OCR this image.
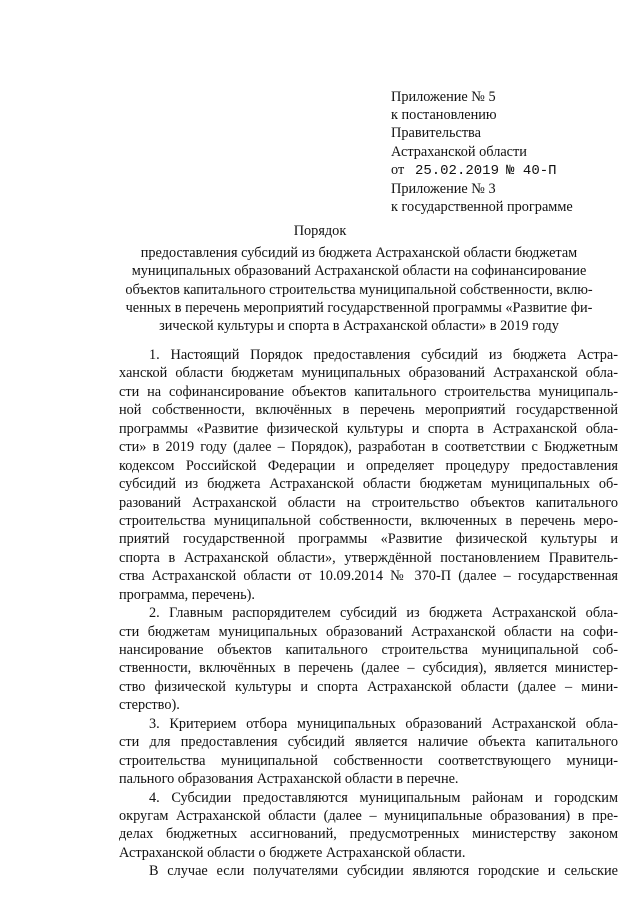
Приложение № 5
к постановлению
Правительства
Астраханской области
от 25.02.2019 № 40-П
Приложение № 3
к государственной программе
Порядок
предоставления субсидий из бюджета Астраханской области бюджетам
муниципальных образований Астраханской области на софинансирование
объектов капитального строительства муниципальной собственности, вклю-
ченных в перечень мероприятий государственной программы «Развитие фи-
зической культуры и спорта в Астраханской области» в 2019 году
1. Настоящий Порядок предоставления субсидий из бюджета Астра-
ханской области бюджетам муниципальных образований Астраханской обла-
сти на софинансирование объектов капитального строительства муниципаль-
ной собственности, включённых в перечень мероприятий государственной
программы «Развитие физической культуры и спорта в Астраханской обла-
сти» в 2019 году (далее – Порядок), разработан в соответствии с Бюджетным
кодексом Российской Федерации и определяет процедуру предоставления
субсидий из бюджета Астраханской области бюджетам муниципальных об-
разований Астраханской области на строительство объектов капитального
строительства муниципальной собственности, включенных в перечень меро-
приятий государственной программы «Развитие физической культуры и
спорта в Астраханской области», утверждённой постановлением Правитель-
ства Астраханской области от 10.09.2014 № 370-П (далее – государственная
программа, перечень).
2. Главным распорядителем субсидий из бюджета Астраханской обла-
сти бюджетам муниципальных образований Астраханской области на софи-
нансирование объектов капитального строительства муниципальной соб-
ственности, включённых в перечень (далее – субсидия), является министер-
ство физической культуры и спорта Астраханской области (далее – мини-
стерство).
3. Критерием отбора муниципальных образований Астраханской обла-
сти для предоставления субсидий является наличие объекта капитального
строительства муниципальной собственности соответствующего муници-
пального образования Астраханской области в перечне.
4. Субсидии предоставляются муниципальным районам и городским
округам Астраханской области (далее – муниципальные образования) в пре-
делах бюджетных ассигнований, предусмотренных министерству законом
Астраханской области о бюджете Астраханской области.
В случае если получателями субсидии являются городские и сельские
